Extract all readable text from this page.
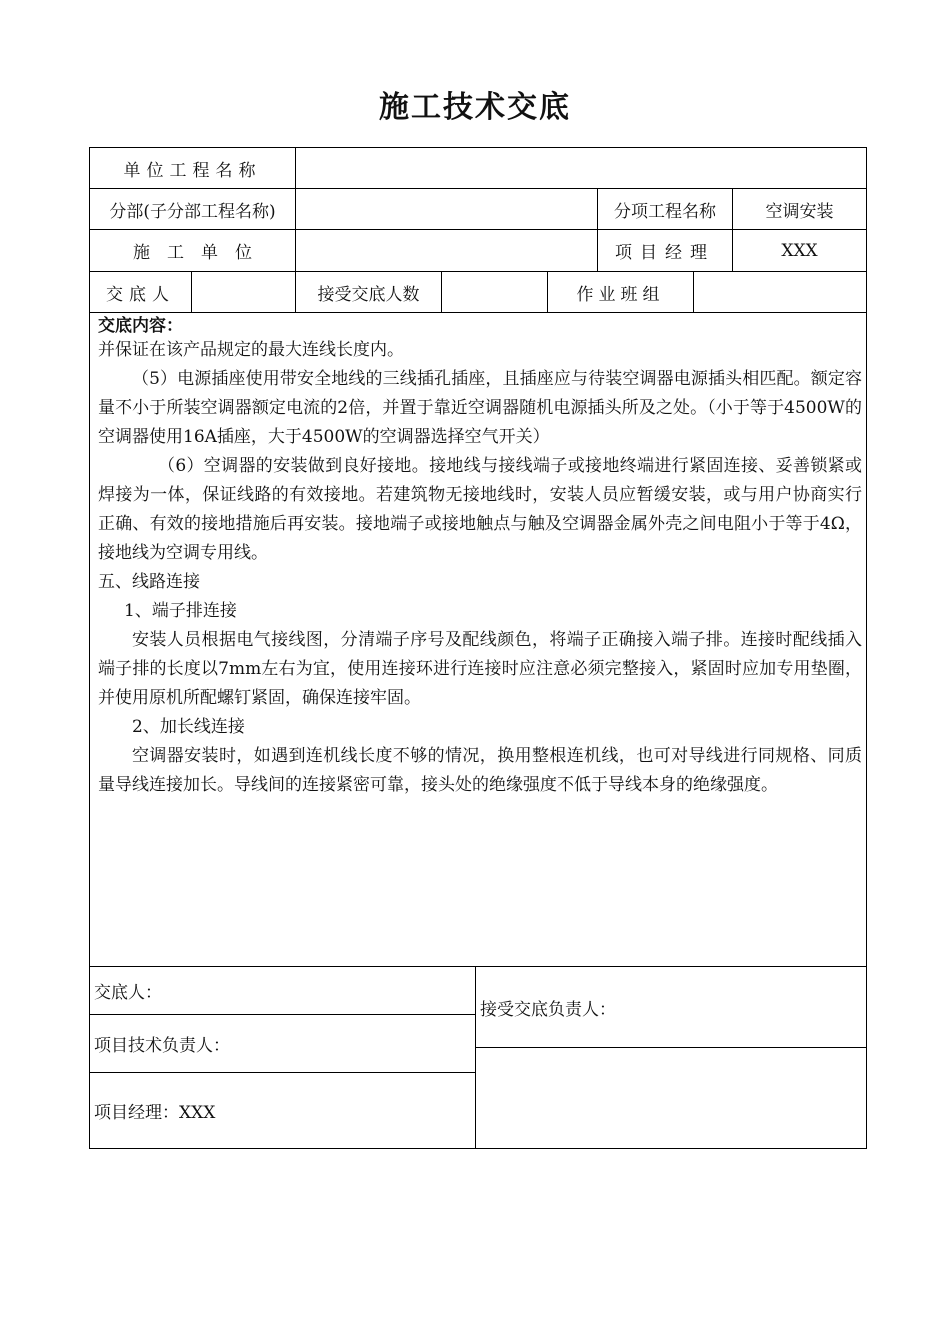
施工技术交底
单位工程名称
分部(子分部工程名称)	分项工程名称	空调安装
施　工　单　位	项目经理	XXX
交底人	接受交底人数	作业班组

交底内容：

并保证在该产品规定的最大连线长度内。

（5）电源插座使用带安全地线的三线插孔插座，且插座应与待装空调器电源插头相匹配。额定容量不小于所装空调器额定电流的2倍，并置于靠近空调器随机电源插头所及之处。（小于等于4500W的空调器使用16A插座，大于4500W的空调器选择空气开关）

（6）空调器的安装做到良好接地。接地线与接线端子或接地终端进行紧固连接、妥善锁紧或焊接为一体，保证线路的有效接地。若建筑物无接地线时，安装人员应暂缓安装，或与用户协商实行正确、有效的接地措施后再安装。接地端子或接地触点与触及空调器金属外壳之间电阻小于等于4Ω，接地线为空调专用线。

五、线路连接

1、端子排连接

安装人员根据电气接线图，分清端子序号及配线颜色，将端子正确接入端子排。连接时配线插入端子排的长度以7mm左右为宜，使用连接环进行连接时应注意必须完整接入，紧固时应加专用垫圈，并使用原机所配螺钉紧固，确保连接牢固。

2、加长线连接

空调器安装时，如遇到连机线长度不够的情况，换用整根连机线，也可对导线进行同规格、同质量导线连接加长。导线间的连接紧密可靠，接头处的绝缘强度不低于导线本身的绝缘强度。

交底人：
项目技术负责人：
项目经理：XXX
接受交底负责人：
